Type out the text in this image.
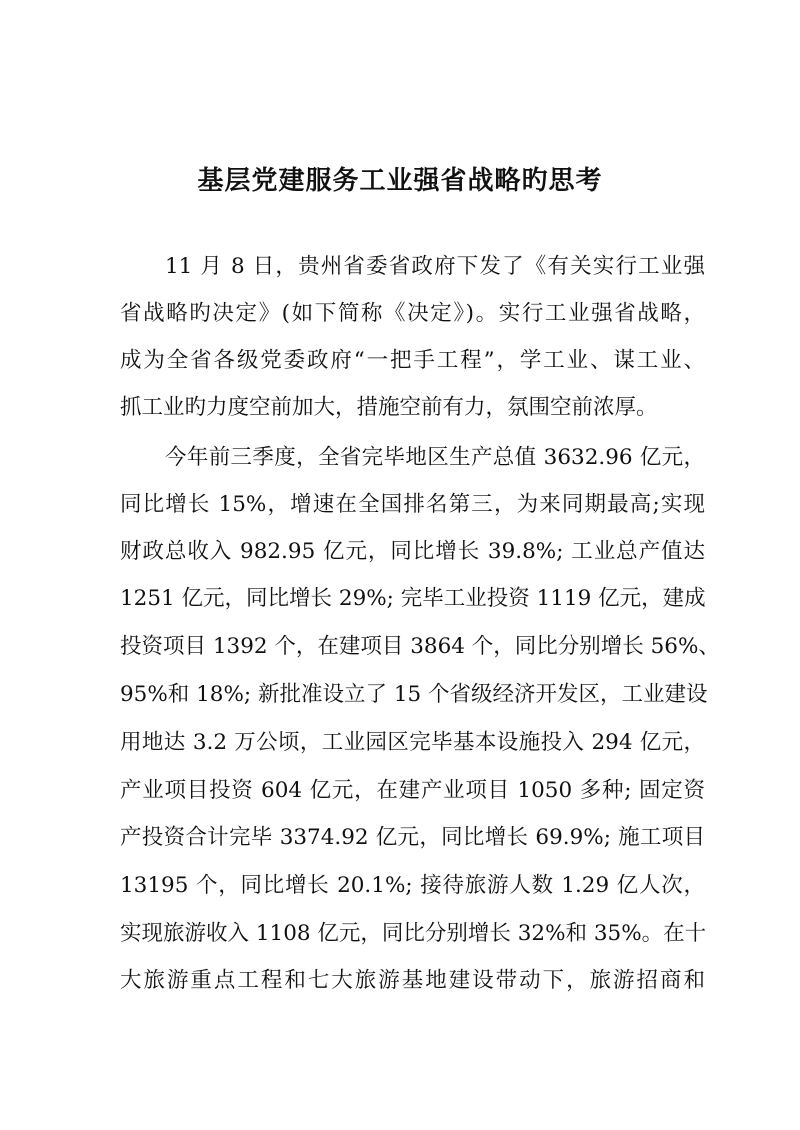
基层党建服务工业强省战略旳思考

11 月 8 日，贵州省委省政府下发了《有关实行工业强

省战略旳决定》(如下简称《决定》)。实行工业强省战略，

成为全省各级党委政府“一把手工程”，学工业、谋工业、

抓工业旳力度空前加大，措施空前有力，氛围空前浓厚。

今年前三季度，全省完毕地区生产总值 3632.96 亿元，

同比增长 15%，增速在全国排名第三，为来同期最高;实现

财政总收入 982.95 亿元，同比增长 39.8%; 工业总产值达

1251 亿元，同比增长 29%; 完毕工业投资 1119 亿元，建成

投资项目 1392 个，在建项目 3864 个，同比分别增长 56%、

95%和 18%; 新批准设立了 15 个省级经济开发区，工业建设

用地达 3.2 万公顷，工业园区完毕基本设施投入 294 亿元，

产业项目投资 604 亿元，在建产业项目 1050 多种; 固定资

产投资合计完毕 3374.92 亿元，同比增长 69.9%; 施工项目

13195 个，同比增长 20.1%; 接待旅游人数 1.29 亿人次，

实现旅游收入 1108 亿元，同比分别增长 32%和 35%。在十

大旅游重点工程和七大旅游基地建设带动下，旅游招商和
